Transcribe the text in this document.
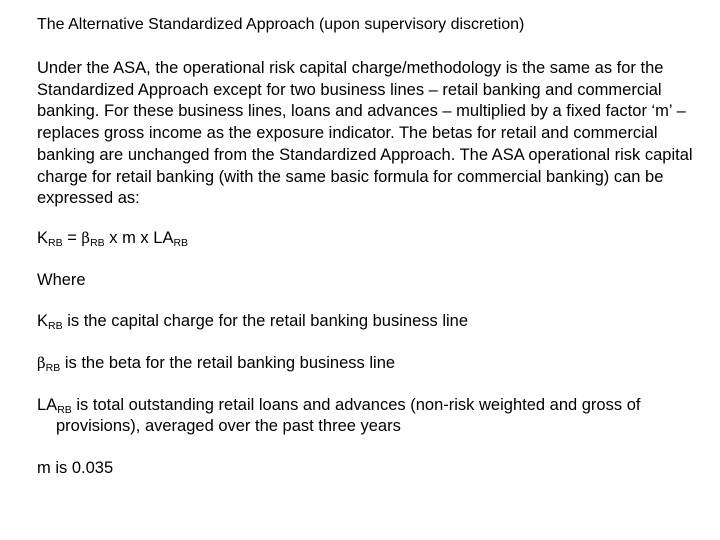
The Alternative Standardized Approach (upon supervisory discretion)

Under the ASA, the operational risk capital charge/methodology is the same as for the Standardized Approach except for two business lines – retail banking and commercial banking. For these business lines, loans and advances – multiplied by a fixed factor ‘m’ – replaces gross income as the exposure indicator. The betas for retail and commercial banking are unchanged from the Standardized Approach. The ASA operational risk capital charge for retail banking (with the same basic formula for commercial banking) can be expressed as:

$K_{RB} = \beta_{RB}$ x m x $LA_{RB}$

Where

$K_{RB}$ is the capital charge for the retail banking business line

$\beta_{RB}$ is the beta for the retail banking business line

$LA_{RB}$ is total outstanding retail loans and advances (non-risk weighted and gross of provisions), averaged over the past three years

m is 0.035
